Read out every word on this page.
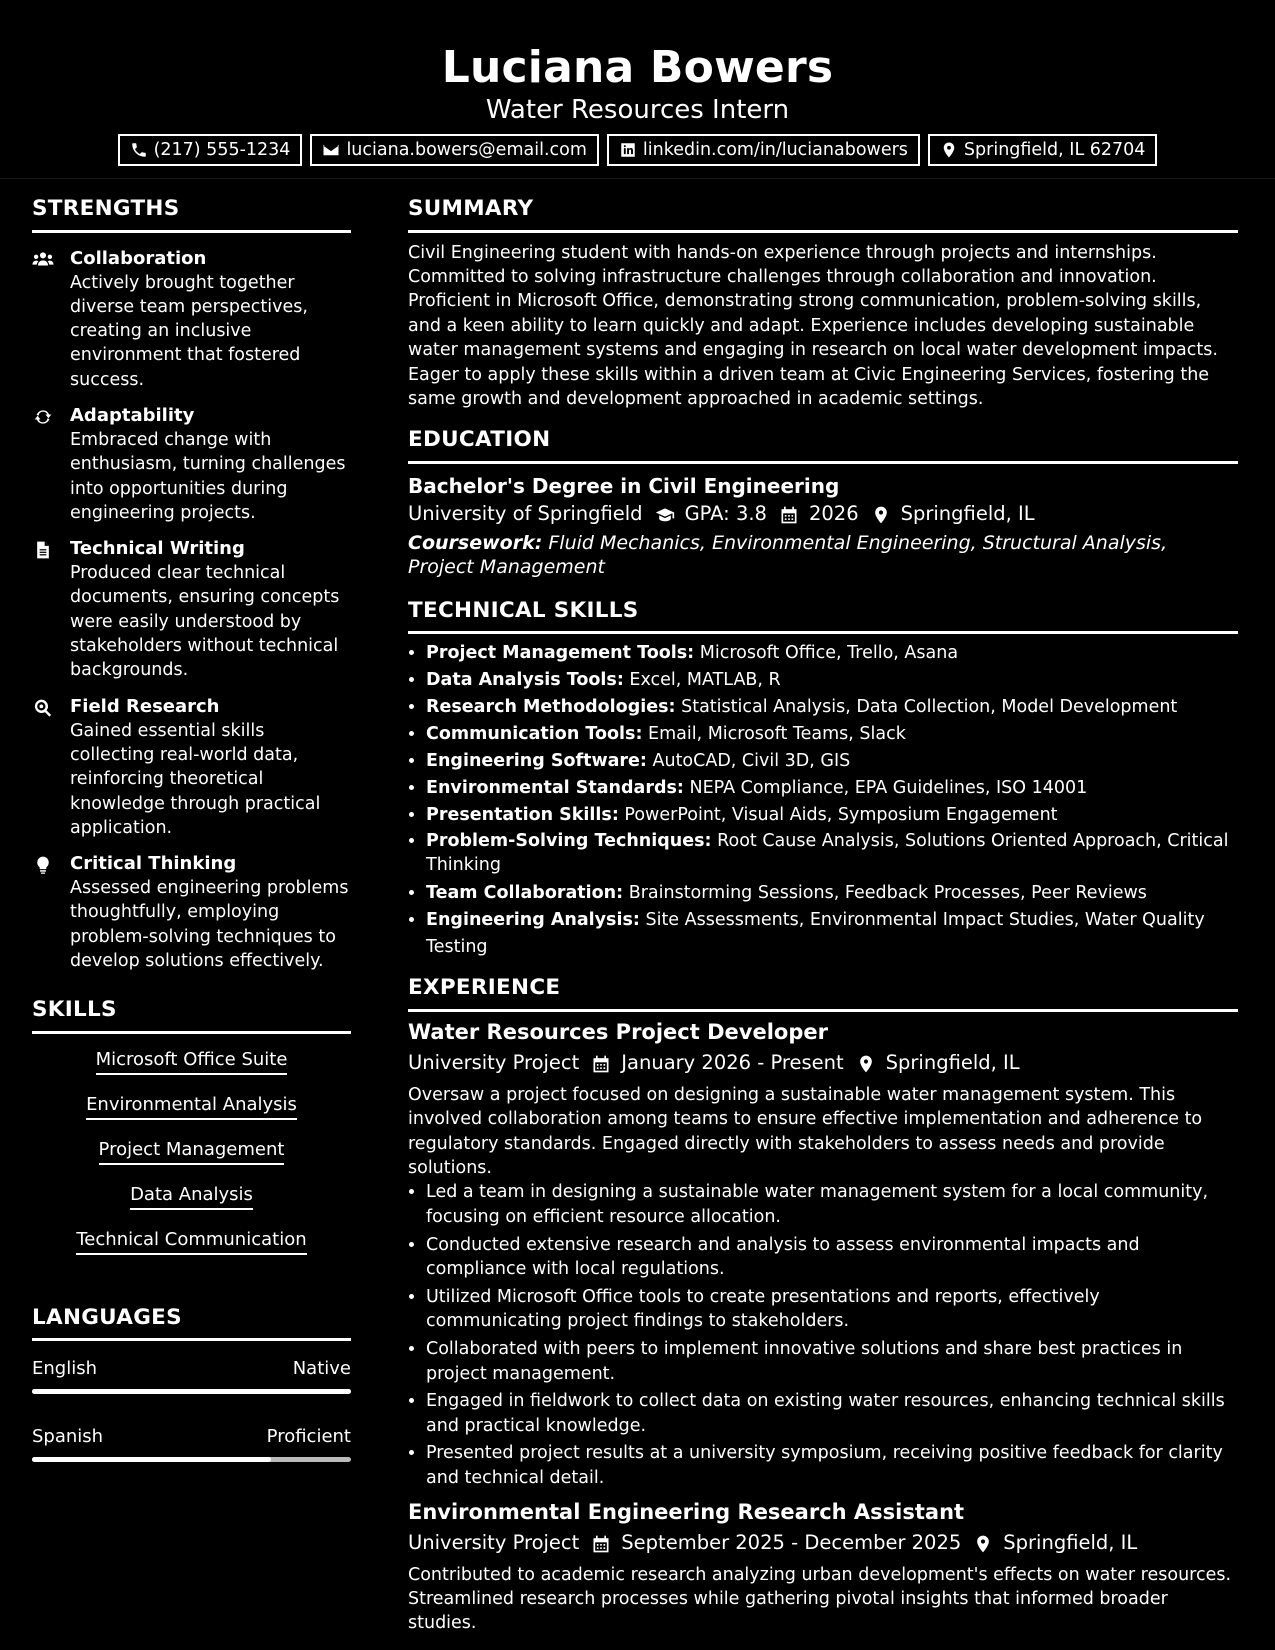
Luciana Bowers
Water Resources Intern
(217) 555-1234	luciana.bowers@email.com	linkedin.com/in/lucianabowers	Springfield, IL 62704
STRENGTHS
Collaboration
Actively brought together diverse team perspectives, creating an inclusive environment that fostered success.
Adaptability
Embraced change with enthusiasm, turning challenges into opportunities during engineering projects.
Technical Writing
Produced clear technical documents, ensuring concepts were easily understood by stakeholders without technical backgrounds.
Field Research
Gained essential skills collecting real-world data, reinforcing theoretical knowledge through practical application.
Critical Thinking
Assessed engineering problems thoughtfully, employing problem-solving techniques to develop solutions effectively.
SKILLS
Microsoft Office Suite
Environmental Analysis
Project Management
Data Analysis
Technical Communication
LANGUAGES
English	Native
Spanish	Proficient
SUMMARY
Civil Engineering student with hands-on experience through projects and internships. Committed to solving infrastructure challenges through collaboration and innovation. Proficient in Microsoft Office, demonstrating strong communication, problem-solving skills, and a keen ability to learn quickly and adapt. Experience includes developing sustainable water management systems and engaging in research on local water development impacts. Eager to apply these skills within a driven team at Civic Engineering Services, fostering the same growth and development approached in academic settings.
EDUCATION
Bachelor's Degree in Civil Engineering
University of Springfield GPA: 3.8 2026 Springfield, IL
Coursework: Fluid Mechanics, Environmental Engineering, Structural Analysis, Project Management
TECHNICAL SKILLS
• Project Management Tools: Microsoft Office, Trello, Asana
• Data Analysis Tools: Excel, MATLAB, R
• Research Methodologies: Statistical Analysis, Data Collection, Model Development
• Communication Tools: Email, Microsoft Teams, Slack
• Engineering Software: AutoCAD, Civil 3D, GIS
• Environmental Standards: NEPA Compliance, EPA Guidelines, ISO 14001
• Presentation Skills: PowerPoint, Visual Aids, Symposium Engagement
• Problem-Solving Techniques: Root Cause Analysis, Solutions Oriented Approach, Critical Thinking
• Team Collaboration: Brainstorming Sessions, Feedback Processes, Peer Reviews
• Engineering Analysis: Site Assessments, Environmental Impact Studies, Water Quality Testing
EXPERIENCE
Water Resources Project Developer
University Project January 2026 - Present Springfield, IL
Oversaw a project focused on designing a sustainable water management system. This involved collaboration among teams to ensure effective implementation and adherence to regulatory standards. Engaged directly with stakeholders to assess needs and provide solutions.
• Led a team in designing a sustainable water management system for a local community, focusing on efficient resource allocation.
• Conducted extensive research and analysis to assess environmental impacts and compliance with local regulations.
• Utilized Microsoft Office tools to create presentations and reports, effectively communicating project findings to stakeholders.
• Collaborated with peers to implement innovative solutions and share best practices in project management.
• Engaged in fieldwork to collect data on existing water resources, enhancing technical skills and practical knowledge.
• Presented project results at a university symposium, receiving positive feedback for clarity and technical detail.
Environmental Engineering Research Assistant
University Project September 2025 - December 2025 Springfield, IL
Contributed to academic research analyzing urban development's effects on water resources. Streamlined research processes while gathering pivotal insights that informed broader studies.
